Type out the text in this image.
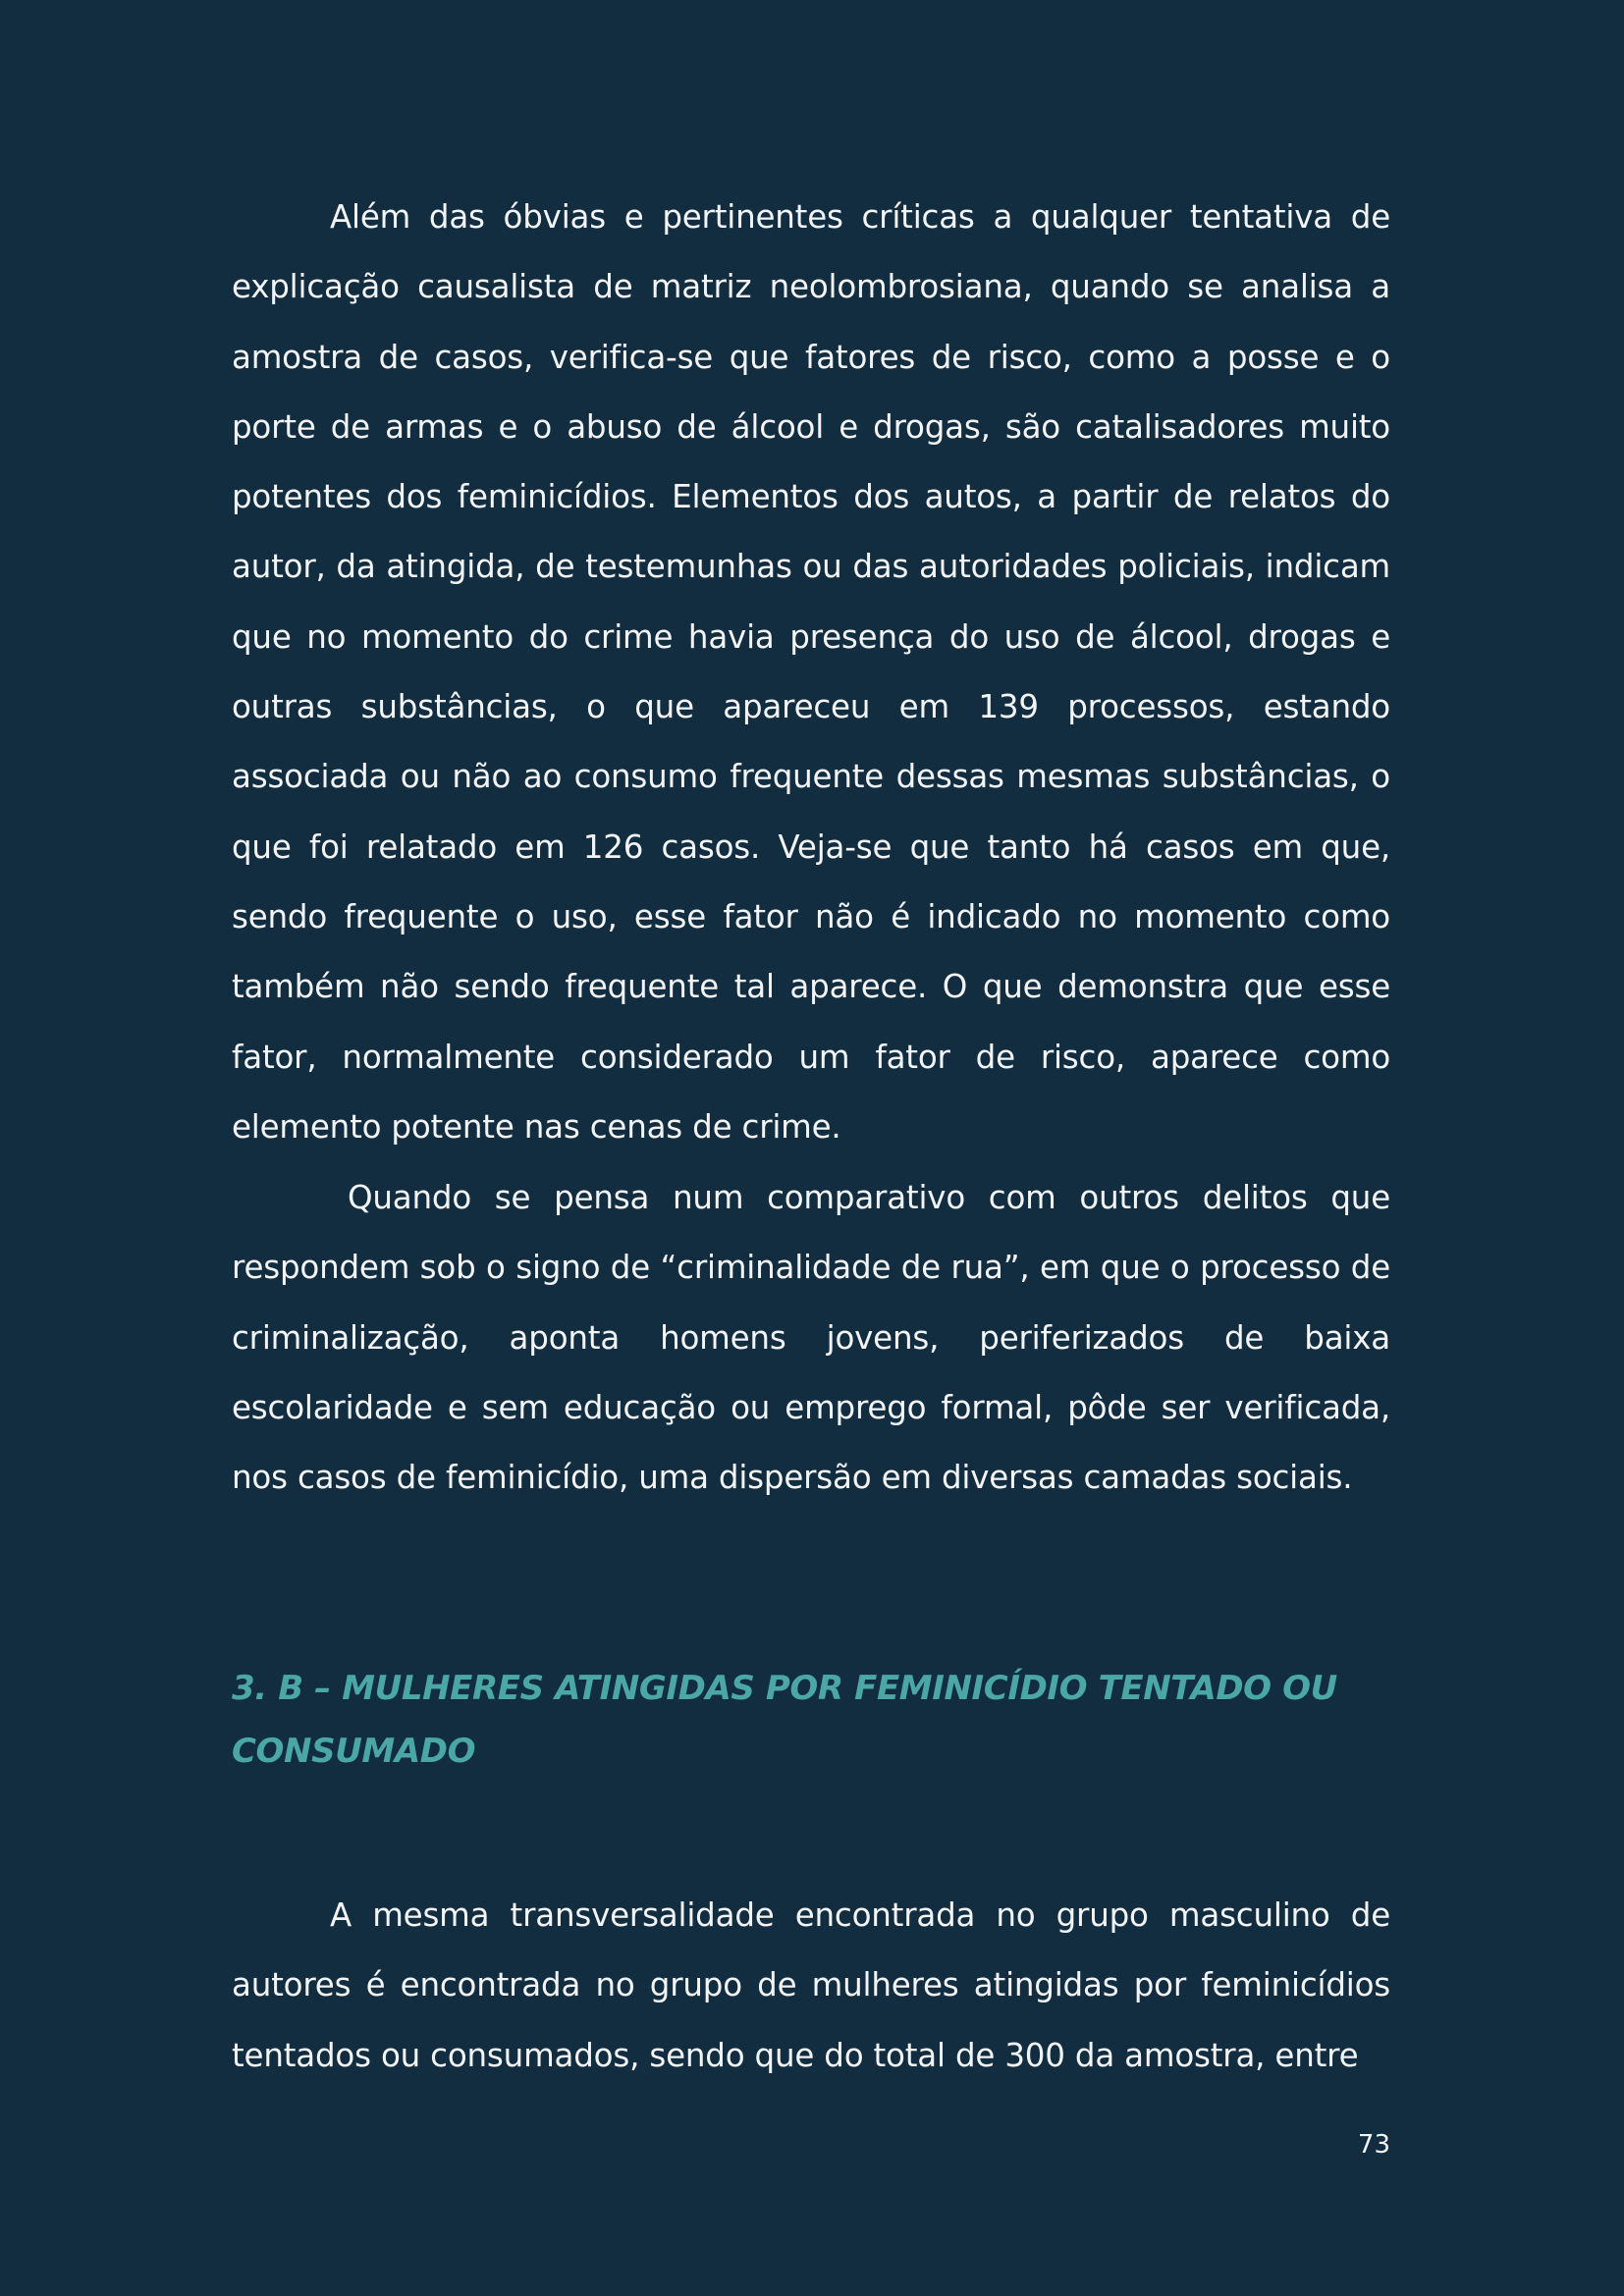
Além das óbvias e pertinentes críticas a qualquer tentativa de explicação causalista de matriz neolombrosiana, quando se analisa a amostra de casos, verifica-se que fatores de risco, como a posse e o porte de armas e o abuso de álcool e drogas, são catalisadores muito potentes dos feminicídios. Elementos dos autos, a partir de relatos do autor, da atingida, de testemunhas ou das autoridades policiais, indicam que no momento do crime havia presença do uso de álcool, drogas e outras substâncias, o que apareceu em 139 processos, estando associada ou não ao consumo frequente dessas mesmas substâncias, o que foi relatado em 126 casos. Veja-se que tanto há casos em que, sendo frequente o uso, esse fator não é indicado no momento como também não sendo frequente tal aparece. O que demonstra que esse fator, normalmente considerado um fator de risco, aparece como elemento potente nas cenas de crime.

Quando se pensa num comparativo com outros delitos que respondem sob o signo de “criminalidade de rua”, em que o processo de criminalização, aponta homens jovens, periferizados de baixa escolaridade e sem educação ou emprego formal, pôde ser verificada, nos casos de feminicídio, uma dispersão em diversas camadas sociais.

3. B – MULHERES ATINGIDAS POR FEMINICÍDIO TENTADO OU CONSUMADO

A mesma transversalidade encontrada no grupo masculino de autores é encontrada no grupo de mulheres atingidas por feminicídios tentados ou consumados, sendo que do total de 300 da amostra, entre

73
